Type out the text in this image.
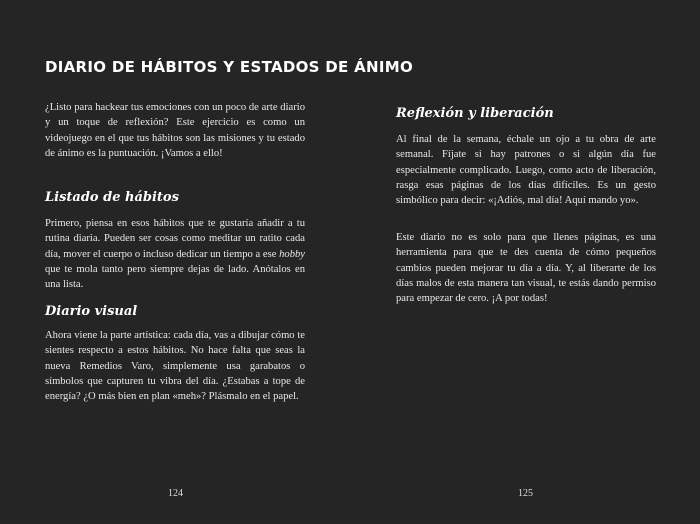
DIARIO DE HÁBITOS Y ESTADOS DE ÁNIMO

¿Listo para hackear tus emociones con un poco de arte diario y un toque de reflexión? Este ejercicio es como un videojuego en el que tus hábitos son las misiones y tu estado de ánimo es la puntuación. ¡Vamos a ello!

Listado de hábitos

Primero, piensa en esos hábitos que te gustaría añadir a tu rutina diaria. Pueden ser cosas como meditar un ratito cada día, mover el cuerpo o incluso dedicar un tiempo a ese hobby que te mola tanto pero siempre dejas de lado. Anótalos en una lista.

Diario visual

Ahora viene la parte artística: cada día, vas a dibujar cómo te sientes respecto a estos hábitos. No hace falta que seas la nueva Remedios Varo, simplemente usa garabatos o símbolos que capturen tu vibra del día. ¿Estabas a tope de energía? ¿O más bien en plan «meh»? Plásmalo en el papel.

124
Reflexión y liberación

Al final de la semana, échale un ojo a tu obra de arte semanal. Fíjate si hay patrones o si algún día fue especialmente complicado. Luego, como acto de liberación, rasga esas páginas de los días difíciles. Es un gesto simbólico para decir: «¡Adiós, mal día! Aquí mando yo».

Este diario no es solo para que llenes páginas, es una herramienta para que te des cuenta de cómo pequeños cambios pueden mejorar tu día a día. Y, al liberarte de los días malos de esta manera tan visual, te estás dando permiso para empezar de cero. ¡A por todas!

125
